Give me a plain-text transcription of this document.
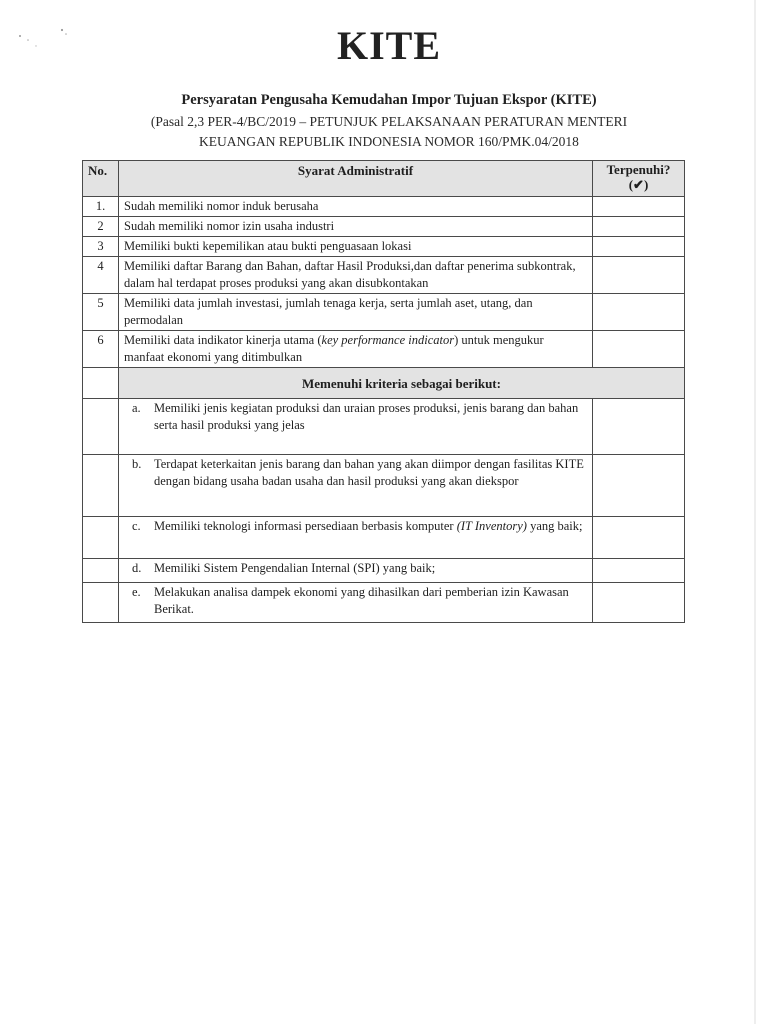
KITE
Persyaratan Pengusaha Kemudahan Impor Tujuan Ekspor (KITE)
(Pasal 2,3 PER-4/BC/2019 – PETUNJUK PELAKSANAAN PERATURAN MENTERI
KEUANGAN REPUBLIK INDONESIA NOMOR 160/PMK.04/2018
No.	Syarat Administratif	Terpenuhi?
(✔)

1.	Sudah memiliki nomor induk berusaha	
2	Sudah memiliki nomor izin usaha industri	
3	Memiliki bukti kepemilikan atau bukti penguasaan lokasi	
4	Memiliki daftar Barang dan Bahan, daftar Hasil Produksi,dan daftar penerima subkontrak, dalam hal terdapat proses produksi yang akan disubkontakan	
5	Memiliki data jumlah investasi, jumlah tenaga kerja, serta jumlah aset, utang, dan permodalan	
6	Memiliki data indikator kinerja utama (key performance indicator) untuk mengukur manfaat ekonomi yang ditimbulkan	
	Memenuhi kriteria sebagai berikut:	

	a. Memiliki jenis kegiatan produksi dan uraian proses produksi, jenis barang dan bahan serta hasil produksi yang jelas	

	b. Terdapat keterkaitan jenis barang dan bahan yang akan diimpor dengan fasilitas KITE dengan bidang usaha badan usaha dan hasil produksi yang akan diekspor	

	c. Memiliki teknologi informasi persediaan berbasis komputer (IT Inventory) yang baik;	

	d. Memiliki Sistem Pengendalian Internal (SPI) yang baik;	

	e. Melakukan analisa dampek ekonomi yang dihasilkan dari pemberian izin Kawasan Berikat.	
